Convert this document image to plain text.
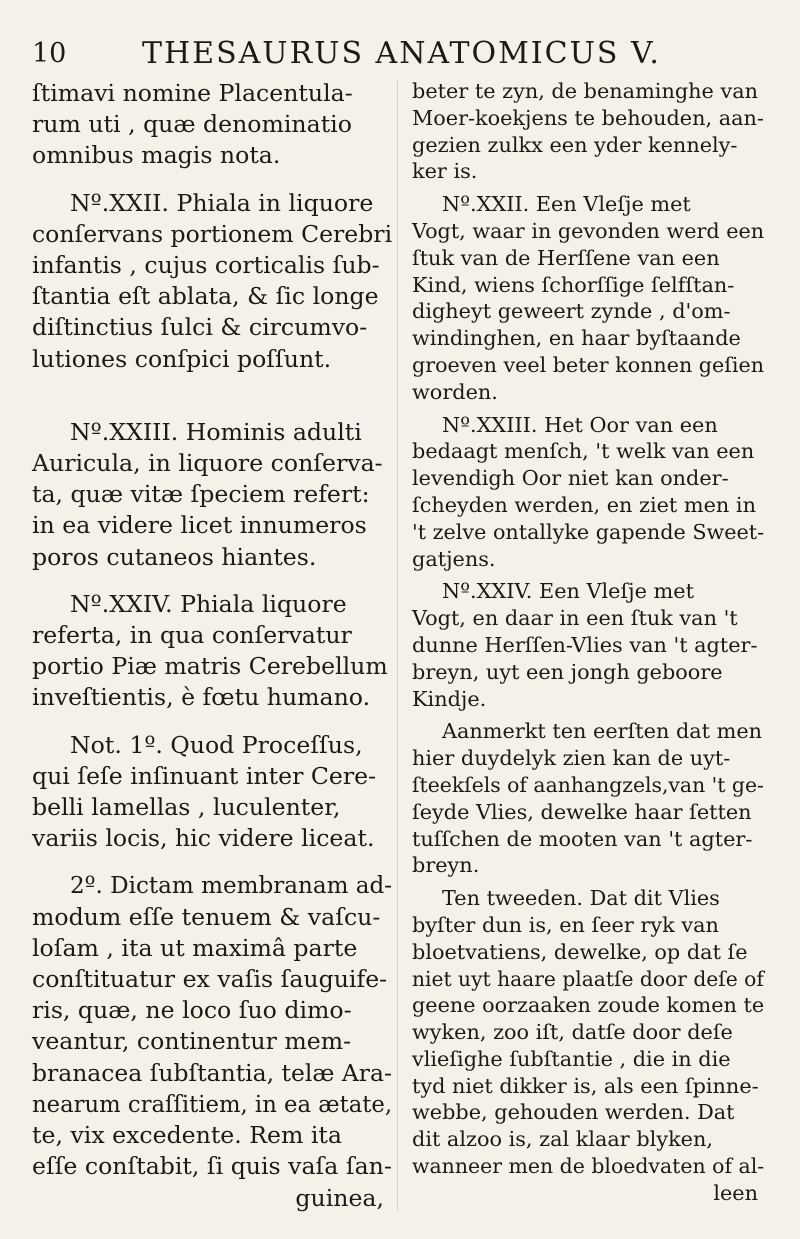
10	THESAURUS ANATOMICUS V.

ſtimavi nomine Placentula-
rum uti , quæ denominatio
omnibus magis nota.

Nº.XXII. Phiala in liquore
conſervans portionem Cerebri
infantis , cujus corticalis ſub-
ſtantia eſt ablata, & ſic longe
diſtinctius ſulci & circumvo-
lutiones conſpici poſſunt.

Nº.XXIII. Hominis adulti
Auricula, in liquore conſerva-
ta, quæ vitæ ſpeciem refert:
in ea videre licet innumeros
poros cutaneos hiantes.

Nº.XXIV. Phiala liquore
referta, in qua conſervatur
portio Piæ matris Cerebellum
inveſtientis, è fœtu humano.

Not. 1º. Quod Proceſſus,
qui ſeſe inſinuant inter Cere-
belli lamellas , luculenter,
variis locis, hic videre liceat.

2º. Dictam membranam ad-
modum eſſe tenuem & vaſcu-
loſam , ita ut maximâ parte
conſtituatur ex vaſis ſauguife-
ris, quæ, ne loco ſuo dimo-
veantur, continentur mem-
branacea ſubſtantia, telæ Ara-
nearum craſſitiem, in ea ætate,
te, vix excedente. Rem ita
eſſe conſtabit, ſi quis vaſa ſan-
guinea,

beter te zyn, de benaminghe van
Moer-koekjens te behouden, aan-
gezien zulkx een yder kennely-
ker is.

Nº.XXII. Een Vleſje met
Vogt, waar in gevonden werd een
ſtuk van de Herſſene van een
Kind, wiens ſchorſſige ſelfſtan-
digheyt geweert zynde , d'om-
windinghen, en haar byſtaande
groeven veel beter konnen geſien
worden.

Nº.XXIII. Het Oor van een
bedaagt menſch, 't welk van een
levendigh Oor niet kan onder-
ſcheyden werden, en ziet men in
't zelve ontallyke gapende Sweet-
gatjens.

Nº.XXIV. Een Vleſje met
Vogt, en daar in een ſtuk van 't
dunne Herſſen-Vlies van 't agter-
breyn, uyt een jongh geboore
Kindje.

Aanmerkt ten eerſten dat men
hier duydelyk zien kan de uyt-
ſteekſels of aanhangzels,van 't ge-
ſeyde Vlies, dewelke haar ſetten
tuſſchen de mooten van 't agter-
breyn.

Ten tweeden. Dat dit Vlies
byſter dun is, en ſeer ryk van
bloetvatiens, dewelke, op dat ſe
niet uyt haare plaatſe door deſe of
geene oorzaaken zoude komen te
wyken, zoo iſt, datſe door deſe
vlieſighe ſubſtantie , die in die
tyd niet dikker is, als een ſpinne-
webbe, gehouden werden. Dat
dit alzoo is, zal klaar blyken,
wanneer men de bloedvaten of al-
leen
